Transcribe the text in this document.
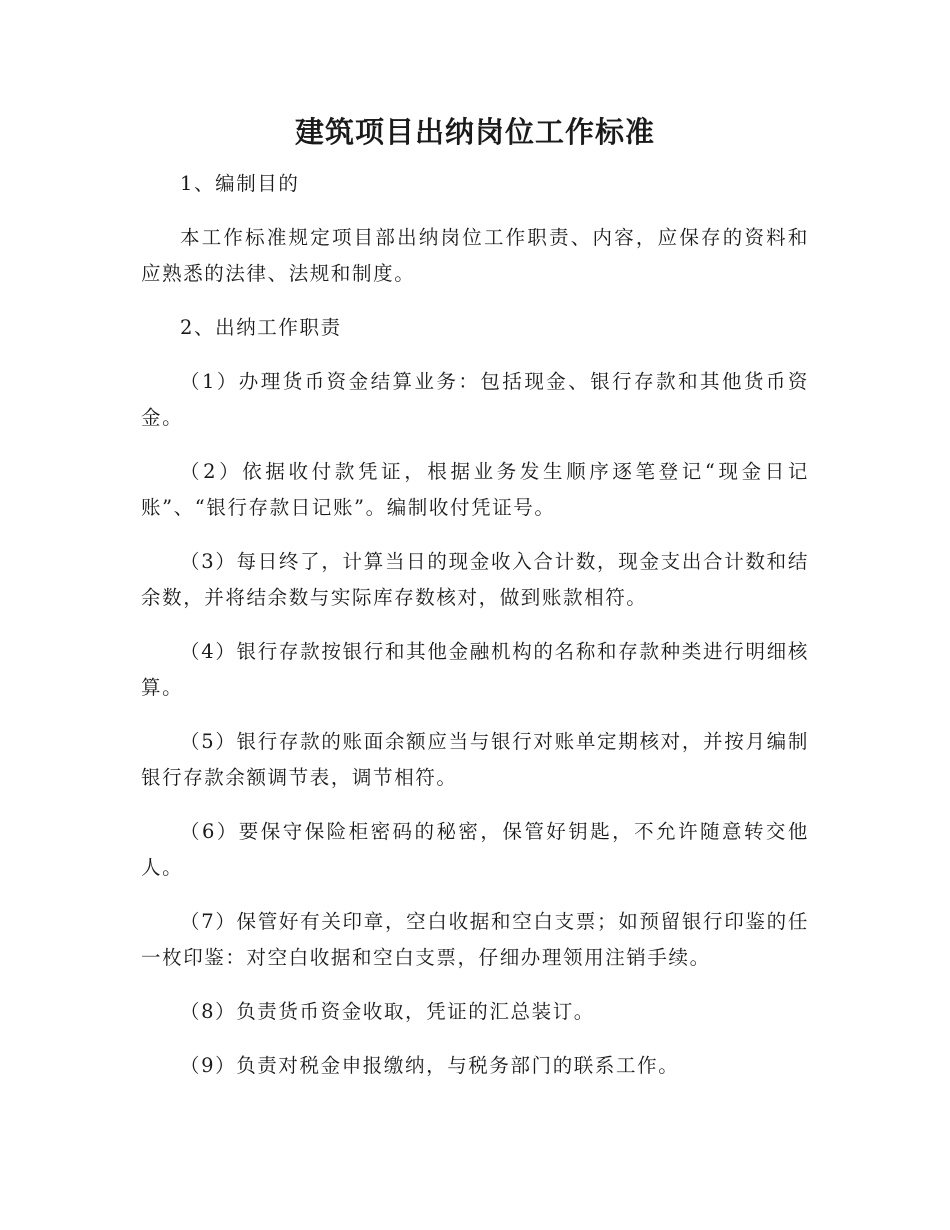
建筑项目出纳岗位工作标准

1、编制目的

本工作标准规定项目部出纳岗位工作职责、内容，应保存的资料和应熟悉的法律、法规和制度。

2、出纳工作职责

（1）办理货币资金结算业务：包括现金、银行存款和其他货币资金。

（2）依据收付款凭证，根据业务发生顺序逐笔登记“现金日记账”、“银行存款日记账”。编制收付凭证号。

（3）每日终了，计算当日的现金收入合计数，现金支出合计数和结余数，并将结余数与实际库存数核对，做到账款相符。

（4）银行存款按银行和其他金融机构的名称和存款种类进行明细核算。

（5）银行存款的账面余额应当与银行对账单定期核对，并按月编制银行存款余额调节表，调节相符。

（6）要保守保险柜密码的秘密，保管好钥匙，不允许随意转交他人。

（7）保管好有关印章，空白收据和空白支票；如预留银行印鉴的任一枚印鉴：对空白收据和空白支票，仔细办理领用注销手续。

（8）负责货币资金收取，凭证的汇总装订。

（9）负责对税金申报缴纳，与税务部门的联系工作。
